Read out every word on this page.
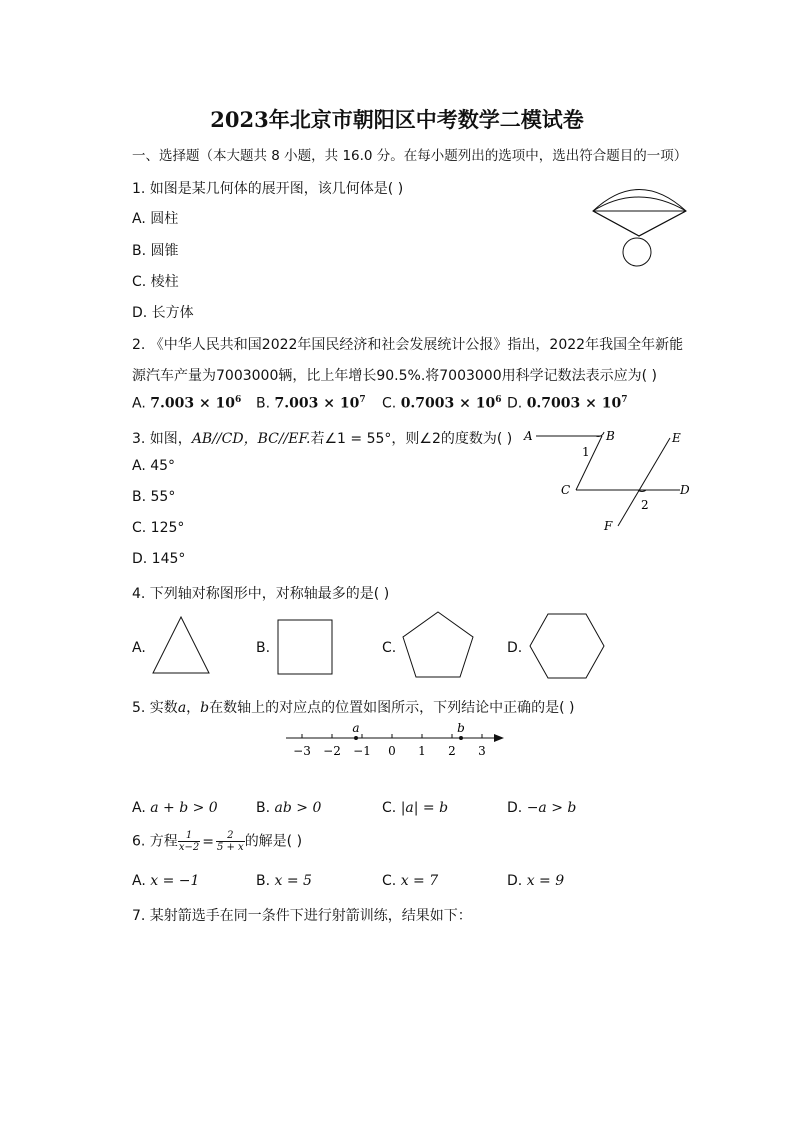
2023年北京市朝阳区中考数学二模试卷
一、选择题（本大题共 8 小题，共 16.0 分。在每小题列出的选项中，选出符合题目的一项）
1. 如图是某几何体的展开图，该几何体是( )
A. 圆柱
B. 圆锥
C. 棱柱
D. 长方体
2. 《中华人民共和国2022年国民经济和社会发展统计公报》指出，2022年我国全年新能
源汽车产量为7003000辆，比上年增长90.5%.将7003000用科学记数法表示应为( )
A. $7.003 \times 10^6$ B. $7.003 \times 10^7$ C. $0.7003 \times 10^6$ D. $0.7003 \times 10^7$
3. 如图，AB//CD，BC//EF.若∠1 = 55°，则∠2的度数为( )
A. 45°
B. 55°
C. 125°
D. 145°
A	B	E
C	D
F
1
2
4. 下列轴对称图形中，对称轴最多的是( )
A.	B.	C.	D.
5. 实数a，b在数轴上的对应点的位置如图所示，下列结论中正确的是( )
−3 −2 −1 0 1 2 3
a	b
A. a + b > 0	B. ab > 0	C. |a| = b	D. −a > b
6. 方程 $\frac{1}{x-2} = \frac{2}{5 + x}$ 的解是( )
A. x = −1	B. x = 5	C. x = 7	D. x = 9
7. 某射箭选手在同一条件下进行射箭训练，结果如下：
